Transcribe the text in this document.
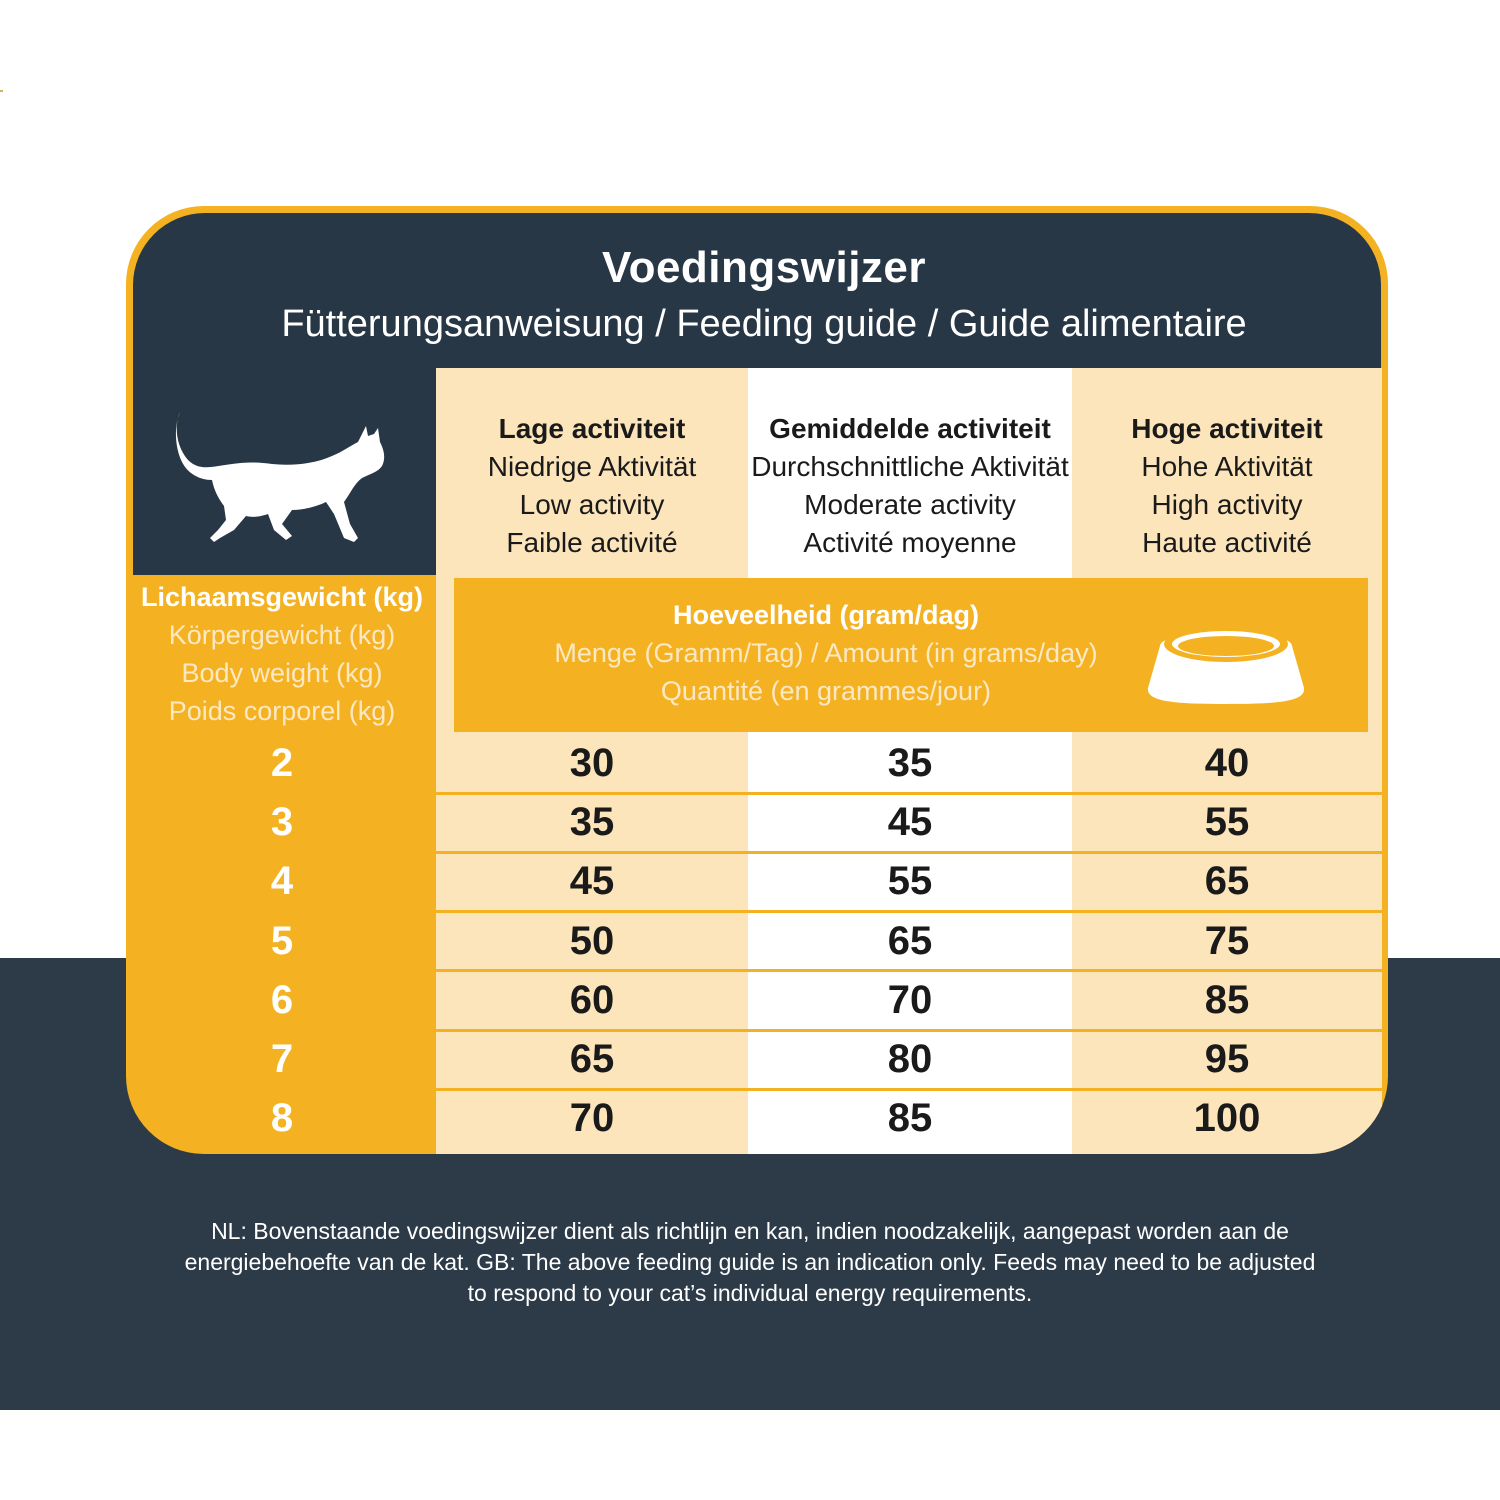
Voedingswijzer
Fütterungsanweisung / Feeding guide / Guide alimentaire
Lichaamsgewicht (kg)
Körpergewicht (kg)
Body weight (kg)
Poids corporel (kg)
Lage activiteit
Niedrige Aktivität
Low activity
Faible activité
Gemiddelde activiteit
Durchschnittliche Aktivität
Moderate activity
Activité moyenne
Hoge activiteit
Hohe Aktivität
High activity
Haute activité
Hoeveelheid (gram/dag)
Menge (Gramm/Tag) / Amount (in grams/day)
Quantité (en grammes/jour)
2	30	35	40
3	35	45	55
4	45	55	65
5	50	65	75
6	60	70	85
7	65	80	95
8	70	85	100
NL: Bovenstaande voedingswijzer dient als richtlijn en kan, indien noodzakelijk, aangepast worden aan de
energiebehoefte van de kat. GB: The above feeding guide is an indication only. Feeds may need to be adjusted
to respond to your cat’s individual energy requirements.
